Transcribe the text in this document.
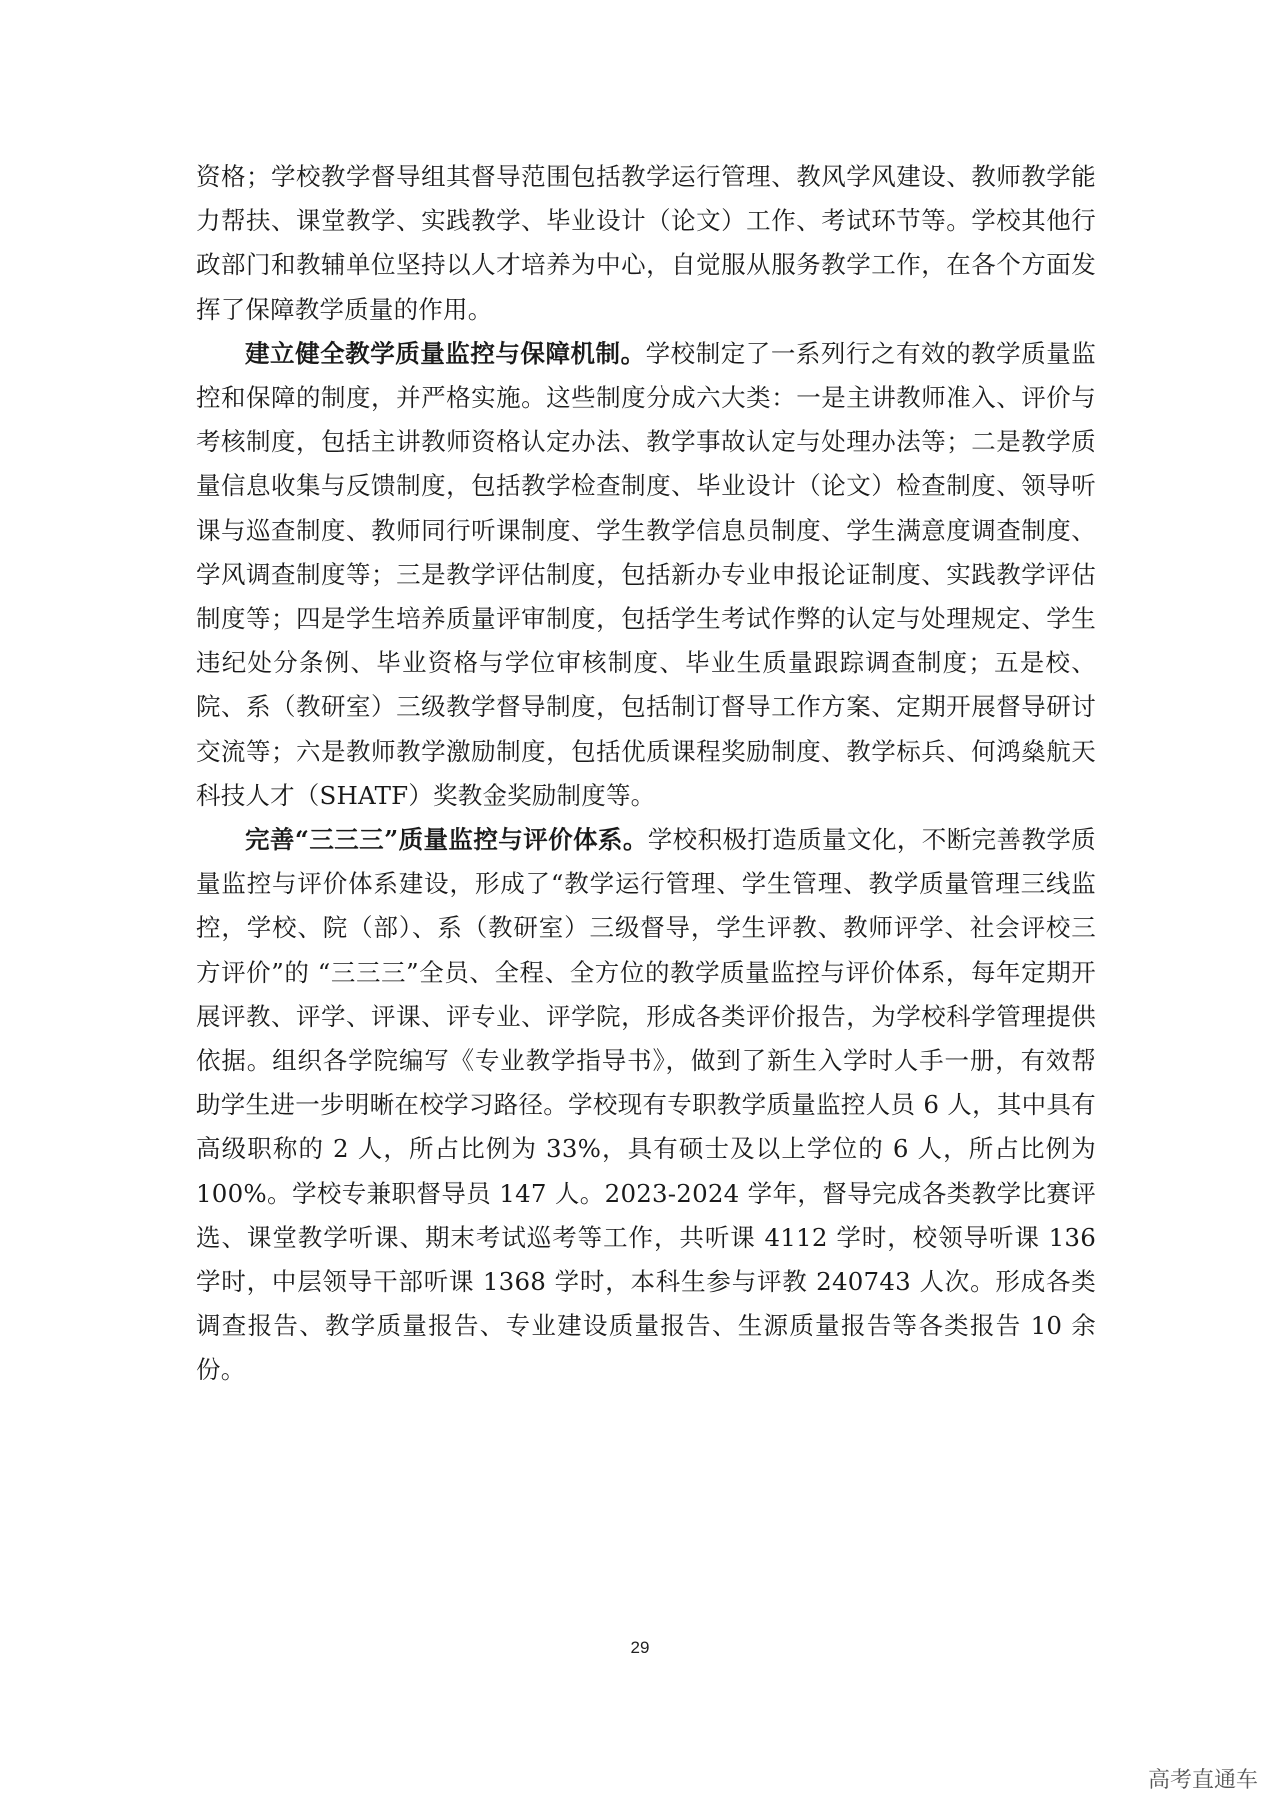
资格；学校教学督导组其督导范围包括教学运行管理、教风学风建设、教师教学能力帮扶、课堂教学、实践教学、毕业设计（论文）工作、考试环节等。学校其他行政部门和教辅单位坚持以人才培养为中心，自觉服从服务教学工作，在各个方面发挥了保障教学质量的作用。

建立健全教学质量监控与保障机制。学校制定了一系列行之有效的教学质量监控和保障的制度，并严格实施。这些制度分成六大类：一是主讲教师准入、评价与考核制度，包括主讲教师资格认定办法、教学事故认定与处理办法等；二是教学质量信息收集与反馈制度，包括教学检查制度、毕业设计（论文）检查制度、领导听课与巡查制度、教师同行听课制度、学生教学信息员制度、学生满意度调查制度、学风调查制度等；三是教学评估制度，包括新办专业申报论证制度、实践教学评估制度等；四是学生培养质量评审制度，包括学生考试作弊的认定与处理规定、学生违纪处分条例、毕业资格与学位审核制度、毕业生质量跟踪调查制度；五是校、院、系（教研室）三级教学督导制度，包括制订督导工作方案、定期开展督导研讨交流等；六是教师教学激励制度，包括优质课程奖励制度、教学标兵、何鸿燊航天科技人才（SHATF）奖教金奖励制度等。

完善“三三三”质量监控与评价体系。学校积极打造质量文化，不断完善教学质量监控与评价体系建设，形成了“教学运行管理、学生管理、教学质量管理三线监控，学校、院（部）、系（教研室）三级督导，学生评教、教师评学、社会评校三方评价”的 “三三三”全员、全程、全方位的教学质量监控与评价体系，每年定期开展评教、评学、评课、评专业、评学院，形成各类评价报告，为学校科学管理提供依据。组织各学院编写《专业教学指导书》，做到了新生入学时人手一册，有效帮助学生进一步明晰在校学习路径。学校现有专职教学质量监控人员 6 人，其中具有高级职称的 2 人，所占比例为 33%，具有硕士及以上学位的 6 人，所占比例为 100%。学校专兼职督导员 147 人。2023-2024 学年，督导完成各类教学比赛评选、课堂教学听课、期末考试巡考等工作，共听课 4112 学时，校领导听课 136 学时，中层领导干部听课 1368 学时，本科生参与评教 240743 人次。形成各类调查报告、教学质量报告、专业建设质量报告、生源质量报告等各类报告 10 余份。

29
高考直通车
